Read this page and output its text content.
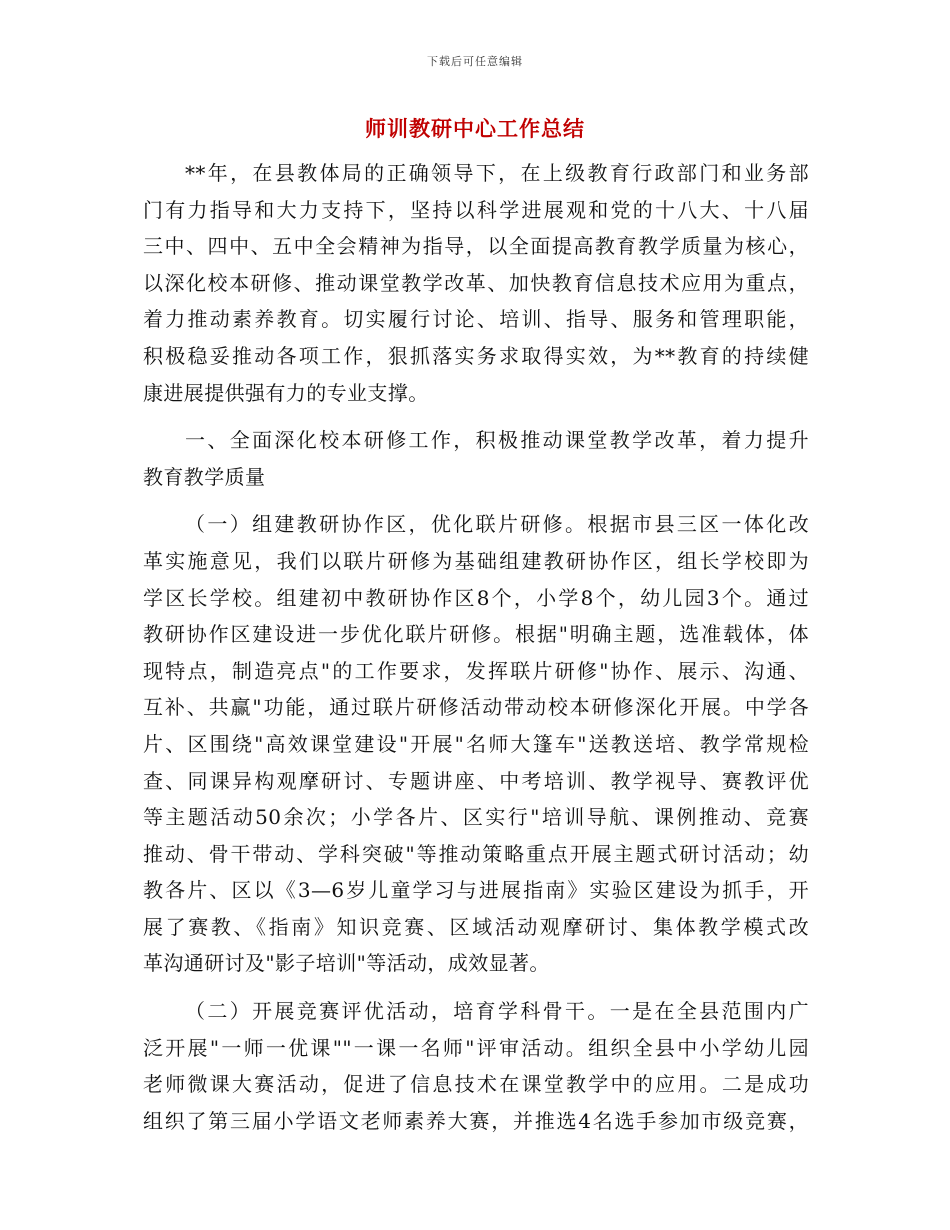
下载后可任意编辑
师训教研中心工作总结
**年，在县教体局的正确领导下，在上级教育行政部门和业务部
门有力指导和大力支持下，坚持以科学进展观和党的十八大、十八届
三中、四中、五中全会精神为指导，以全面提高教育教学质量为核心，
以深化校本研修、推动课堂教学改革、加快教育信息技术应用为重点，
着力推动素养教育。切实履行讨论、培训、指导、服务和管理职能，
积极稳妥推动各项工作，狠抓落实务求取得实效，为**教育的持续健
康进展提供强有力的专业支撑。
一、全面深化校本研修工作，积极推动课堂教学改革，着力提升
教育教学质量
（一）组建教研协作区，优化联片研修。根据市县三区一体化改
革实施意见，我们以联片研修为基础组建教研协作区，组长学校即为
学区长学校。组建初中教研协作区8个，小学8个，幼儿园3个。通过
教研协作区建设进一步优化联片研修。根据"明确主题，选准载体，体
现特点，制造亮点"的工作要求，发挥联片研修"协作、展示、沟通、
互补、共赢"功能，通过联片研修活动带动校本研修深化开展。中学各
片、区围绕"高效课堂建设"开展"名师大篷车"送教送培、教学常规检
查、同课异构观摩研讨、专题讲座、中考培训、教学视导、赛教评优
等主题活动50余次；小学各片、区实行"培训导航、课例推动、竞赛
推动、骨干带动、学科突破"等推动策略重点开展主题式研讨活动；幼
教各片、区以《3—6岁儿童学习与进展指南》实验区建设为抓手，开
展了赛教、《指南》知识竞赛、区域活动观摩研讨、集体教学模式改
革沟通研讨及"影子培训"等活动，成效显著。
（二）开展竞赛评优活动，培育学科骨干。一是在全县范围内广
泛开展"一师一优课""一课一名师"评审活动。组织全县中小学幼儿园
老师微课大赛活动，促进了信息技术在课堂教学中的应用。二是成功
组织了第三届小学语文老师素养大赛，并推选4名选手参加市级竞赛，
